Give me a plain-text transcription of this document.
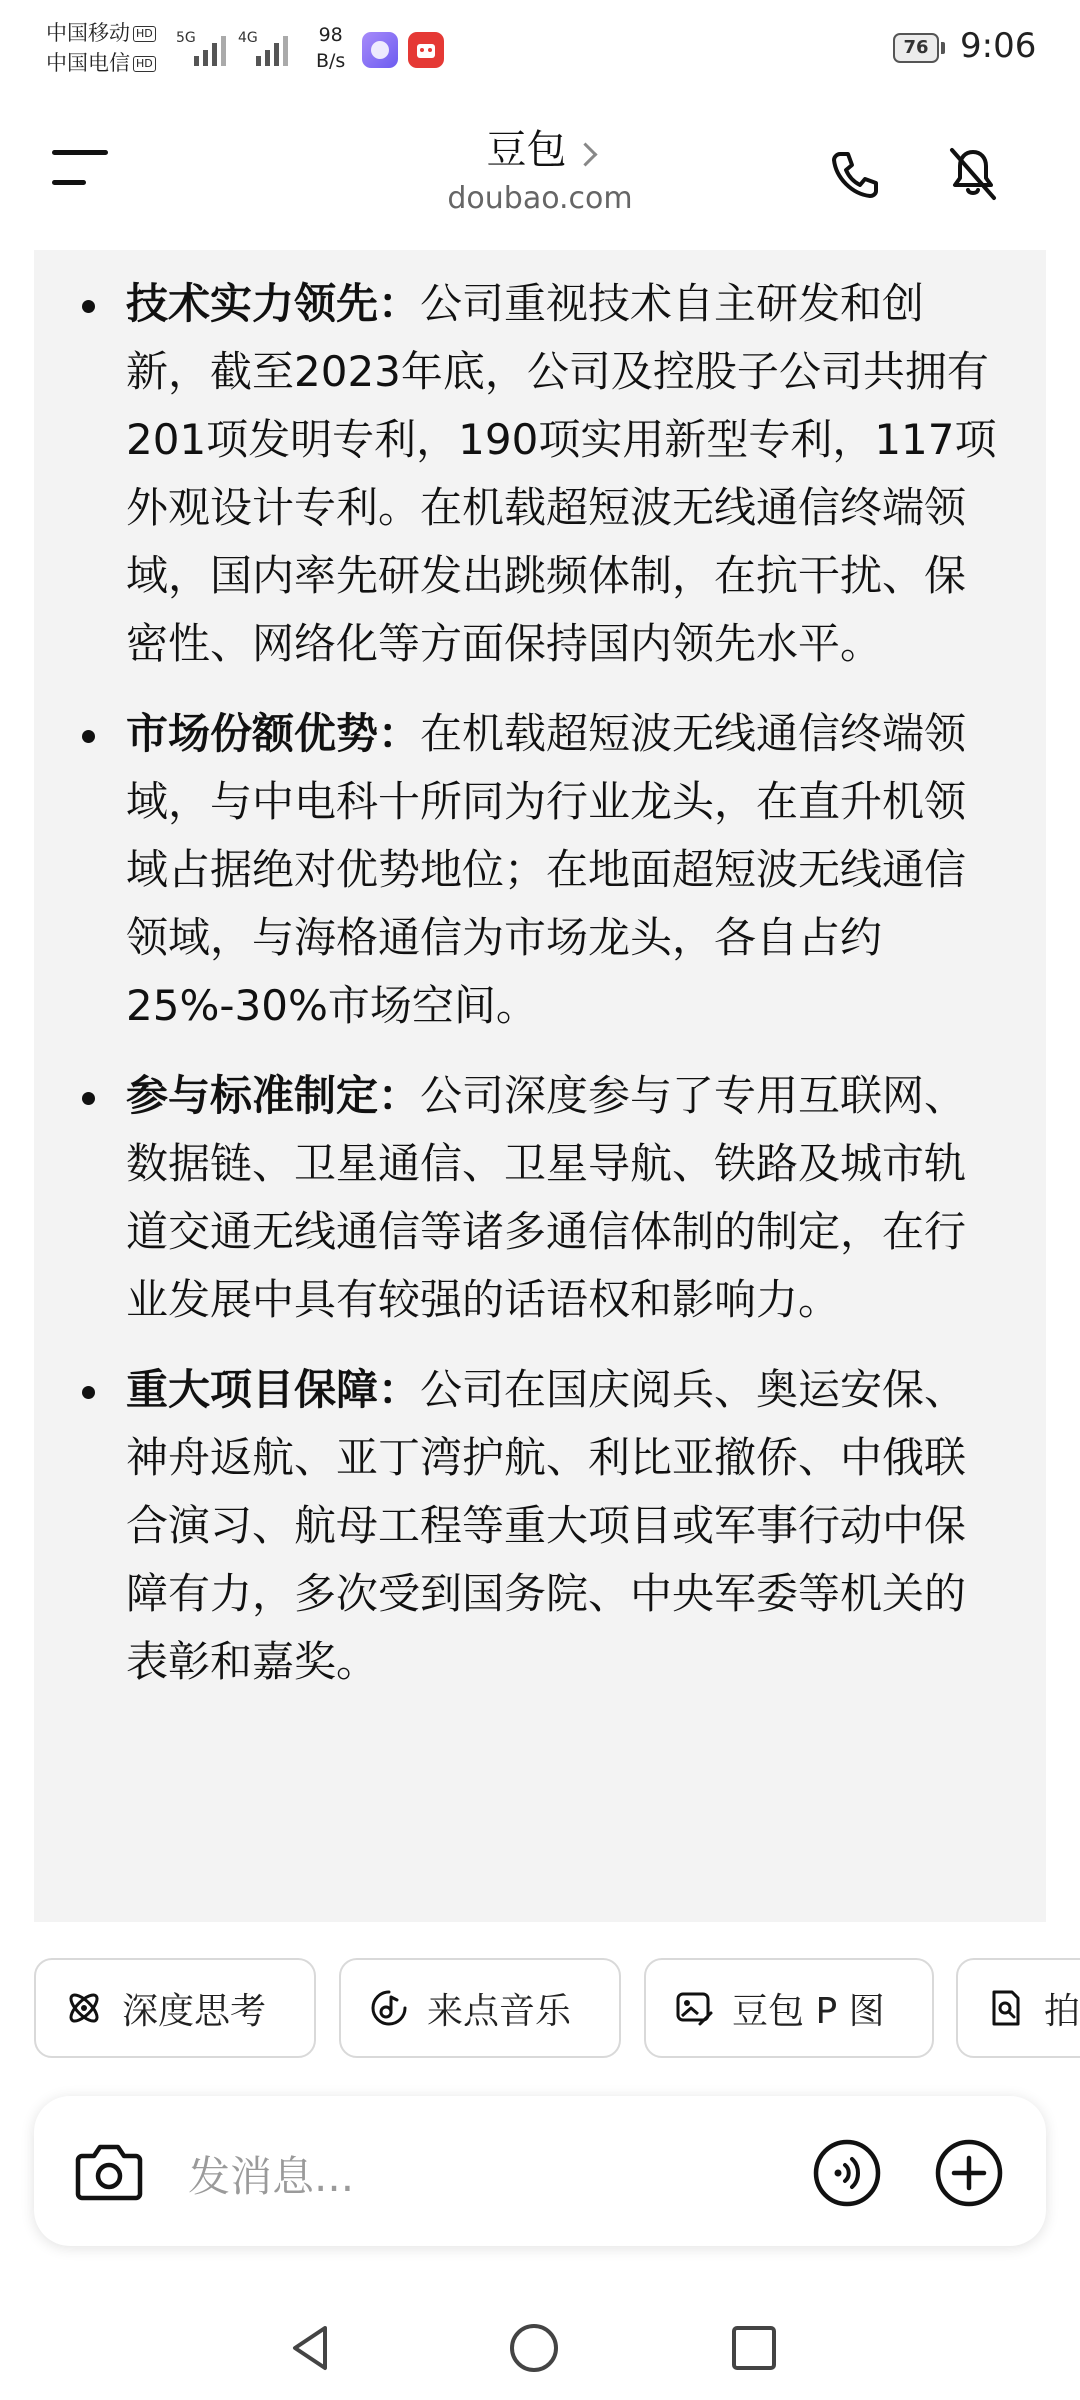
中国移动 HD
中国电信 HD
5G	4G	98
B/s
76 9:06
豆包
doubao.com
技术实力领先：公司重视技术自主研发和创新，截至2023年底，公司及控股子公司共拥有201项发明专利，190项实用新型专利，117项外观设计专利。在机载超短波无线通信终端领域，国内率先研发出跳频体制，在抗干扰、保密性、网络化等方面保持国内领先水平。
市场份额优势：在机载超短波无线通信终端领域，与中电科十所同为行业龙头，在直升机领域占据绝对优势地位；在地面超短波无线通信领域，与海格通信为市场龙头，各自占约25%-30%市场空间。
参与标准制定：公司深度参与了专用互联网、数据链、卫星通信、卫星导航、铁路及城市轨道交通无线通信等诸多通信体制的制定，在行业发展中具有较强的话语权和影响力。
重大项目保障：公司在国庆阅兵、奥运安保、神舟返航、亚丁湾护航、利比亚撤侨、中俄联合演习、航母工程等重大项目或军事行动中保障有力，多次受到国务院、中央军委等机关的表彰和嘉奖。
深度思考	来点音乐	豆包 P 图	拍
发消息...
